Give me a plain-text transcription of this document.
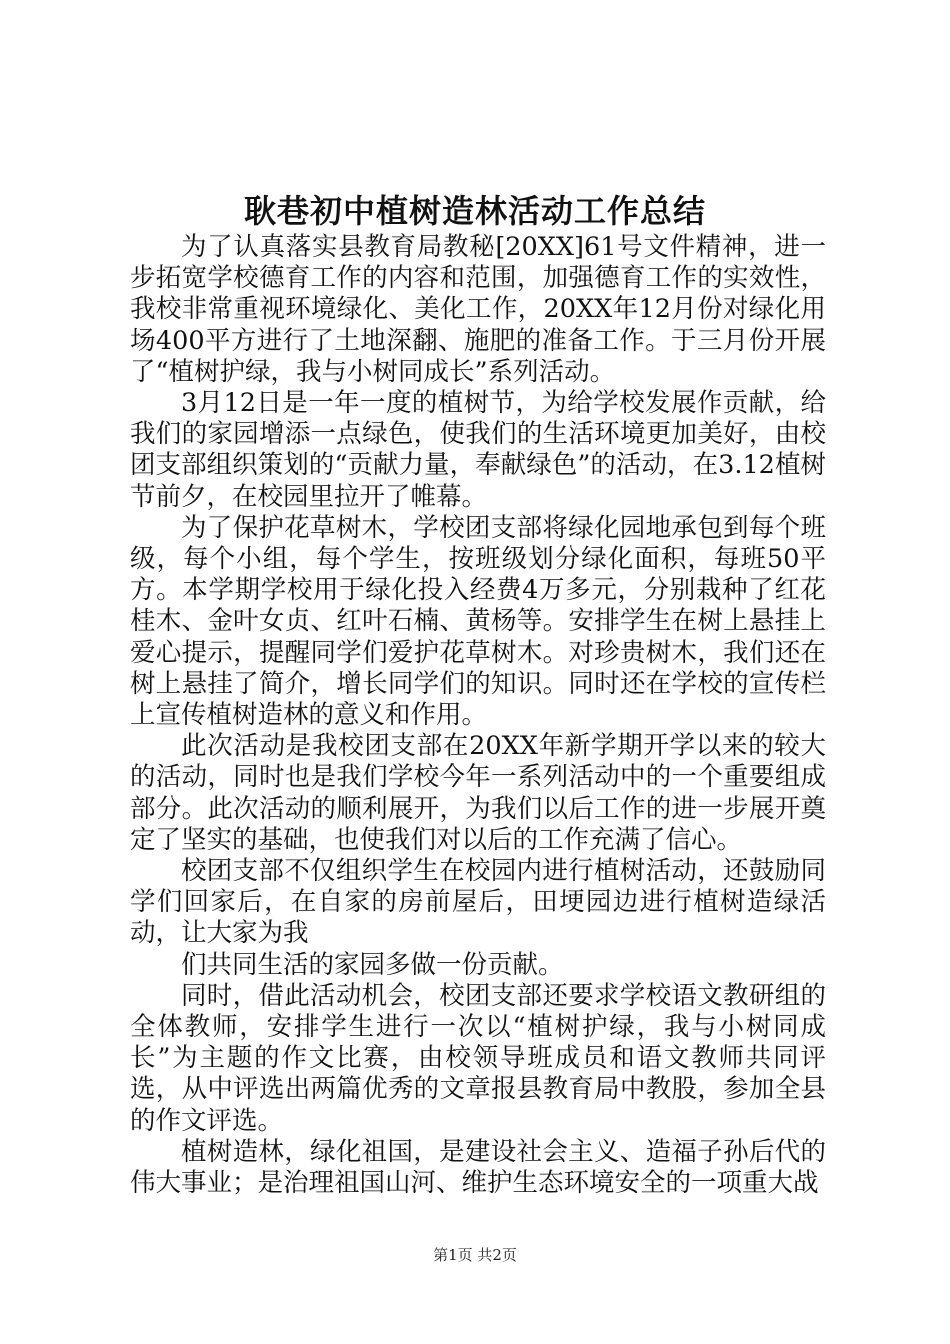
耿巷初中植树造林活动工作总结

为了认真落实县教育局教秘[20XX]61号文件精神，进一步拓宽学校德育工作的内容和范围，加强德育工作的实效性，我校非常重视环境绿化、美化工作，20XX年12月份对绿化用场400平方进行了土地深翻、施肥的准备工作。于三月份开展了“植树护绿，我与小树同成长”系列活动。

3月12日是一年一度的植树节，为给学校发展作贡献，给我们的家园增添一点绿色，使我们的生活环境更加美好，由校团支部组织策划的“贡献力量，奉献绿色”的活动，在3.12植树节前夕，在校园里拉开了帷幕。

为了保护花草树木，学校团支部将绿化园地承包到每个班级，每个小组，每个学生，按班级划分绿化面积，每班50平方。本学期学校用于绿化投入经费4万多元，分别栽种了红花桂木、金叶女贞、红叶石楠、黄杨等。安排学生在树上悬挂上爱心提示，提醒同学们爱护花草树木。对珍贵树木，我们还在树上悬挂了简介，增长同学们的知识。同时还在学校的宣传栏上宣传植树造林的意义和作用。

此次活动是我校团支部在20XX年新学期开学以来的较大的活动，同时也是我们学校今年一系列活动中的一个重要组成部分。此次活动的顺利展开，为我们以后工作的进一步展开奠定了坚实的基础，也使我们对以后的工作充满了信心。

校团支部不仅组织学生在校园内进行植树活动，还鼓励同学们回家后，在自家的房前屋后，田埂园边进行植树造绿活动，让大家为我

们共同生活的家园多做一份贡献。

同时，借此活动机会，校团支部还要求学校语文教研组的全体教师，安排学生进行一次以“植树护绿，我与小树同成长”为主题的作文比赛，由校领导班成员和语文教师共同评选，从中评选出两篇优秀的文章报县教育局中教股，参加全县的作文评选。

植树造林，绿化祖国，是建设社会主义、造福子孙后代的伟大事业；是治理祖国山河、维护生态环境安全的一项重大战

第1页 共2页
